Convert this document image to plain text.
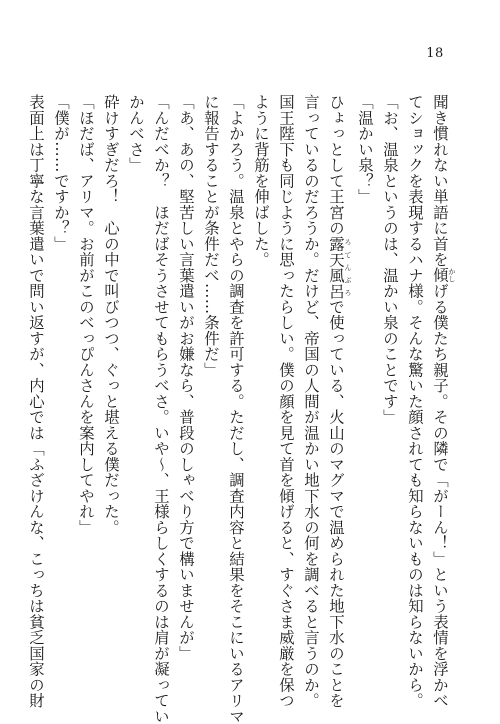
18
聞き慣れない単語に首を傾 かしげる僕たち親子。その隣で「がーん！」という表情を浮かべ
てショックを表現するハナ様。そんな驚いた顔されても知らないものは知らないから。
「お、温泉というのは、温かい泉のことです」
「温かい泉？」
ひょっとして王宮の露天風呂 ろてんぶろで使っている、火山のマグマで温められた地下水のことを
言っているのだろうか。だけど、帝国の人間が温かい地下水の何を調べると言うのか。
国王陛下も同じように思ったらしい。僕の顔を見て首を傾げると、すぐさま威厳を保つ
ように背筋を伸ばした。
「よかろう。温泉とやらの調査を許可する。ただし、調査内容と結果をそこにいるアリマ
に報告することが条件だべ……条件だ」
「あ、あの、堅苦しい言葉遣いがお嫌なら、普段のしゃべり方で構いませんが」
「んだべか？　ほだばそうさせてもらうべさ。いや～、王様らしくするのは肩が凝ってい
かんべさ」
砕けすぎだろ！　心の中で叫びつつ、ぐっと堪える僕だった。
「ほだば、アリマ。お前がこのべっぴんさんを案内してやれ」
「僕が……ですか？」
表面上は丁寧な言葉遣いで問い返すが、内心では「ふざけんな、こっちは貧乏国家の財
